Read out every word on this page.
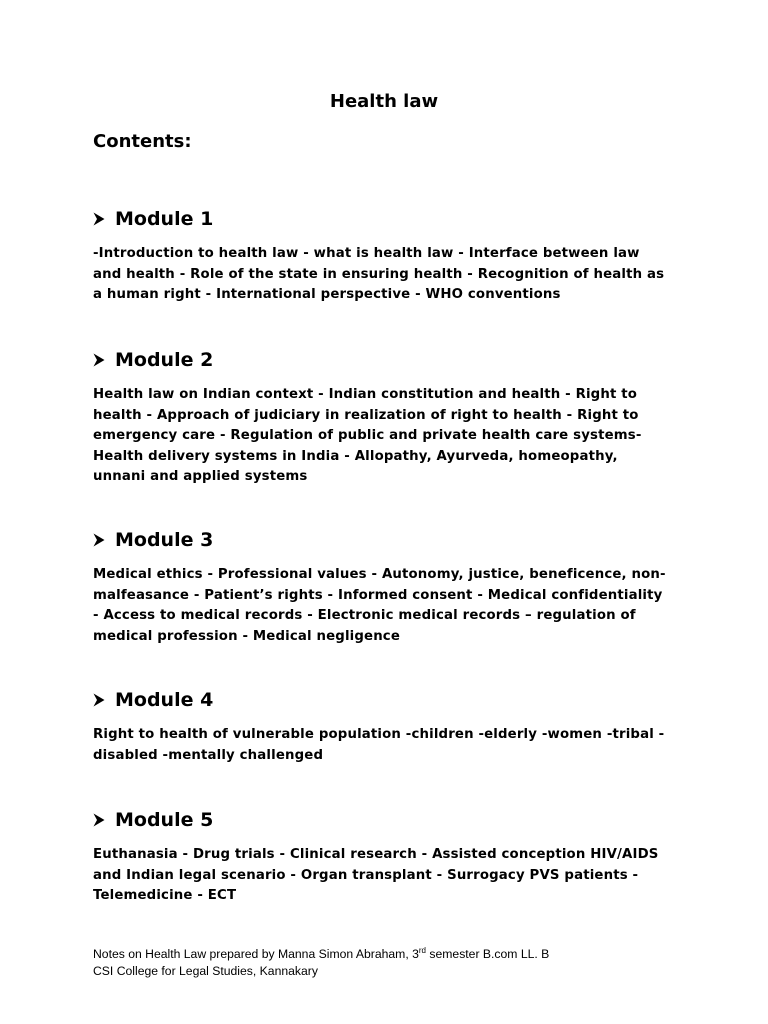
Health law
Contents:
Module 1
-Introduction to health law - what is health law - Interface between law
and health - Role of the state in ensuring health - Recognition of health as
a human right - International perspective - WHO conventions
Module 2
Health law on Indian context - Indian constitution and health - Right to
health - Approach of judiciary in realization of right to health - Right to
emergency care - Regulation of public and private health care systems-
Health delivery systems in India - Allopathy, Ayurveda, homeopathy,
unnani and applied systems
Module 3
Medical ethics - Professional values - Autonomy, justice, beneficence, non-
malfeasance - Patient’s rights - Informed consent - Medical confidentiality
- Access to medical records - Electronic medical records – regulation of
medical profession - Medical negligence
Module 4
Right to health of vulnerable population -children -elderly -women -tribal -
disabled -mentally challenged
Module 5
Euthanasia - Drug trials - Clinical research - Assisted conception HIV/AIDS
and Indian legal scenario - Organ transplant - Surrogacy PVS patients -
Telemedicine - ECT
Notes on Health Law prepared by Manna Simon Abraham, 3rd semester B.com LL. B
CSI College for Legal Studies, Kannakary
